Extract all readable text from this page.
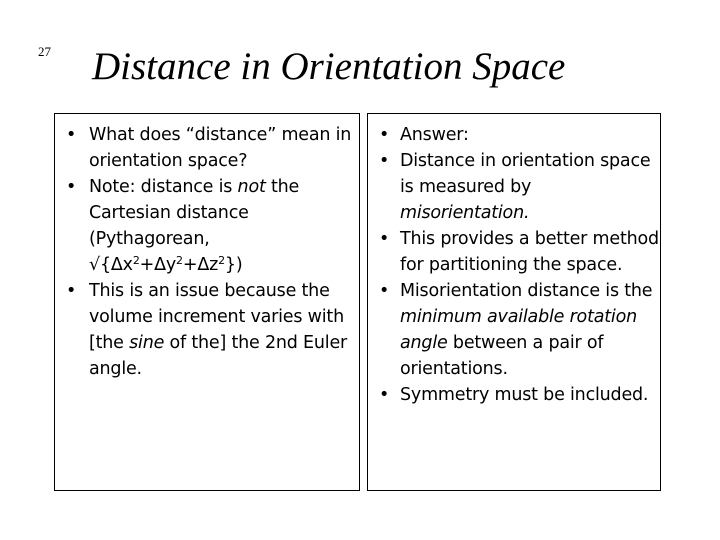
27 Distance in Orientation Space
• What does “distance” mean in orientation space?
• Note: distance is not the Cartesian distance (Pythagorean, $√\{\Delta x^2+\Delta y^2+\Delta z^2\}$)
• This is an issue because the volume increment varies with [the sine of the] the 2nd Euler angle.
• Answer:
• Distance in orientation space is measured by misorientation.
• This provides a better method for partitioning the space.
• Misorientation distance is the minimum available rotation angle between a pair of orientations.
• Symmetry must be included.
